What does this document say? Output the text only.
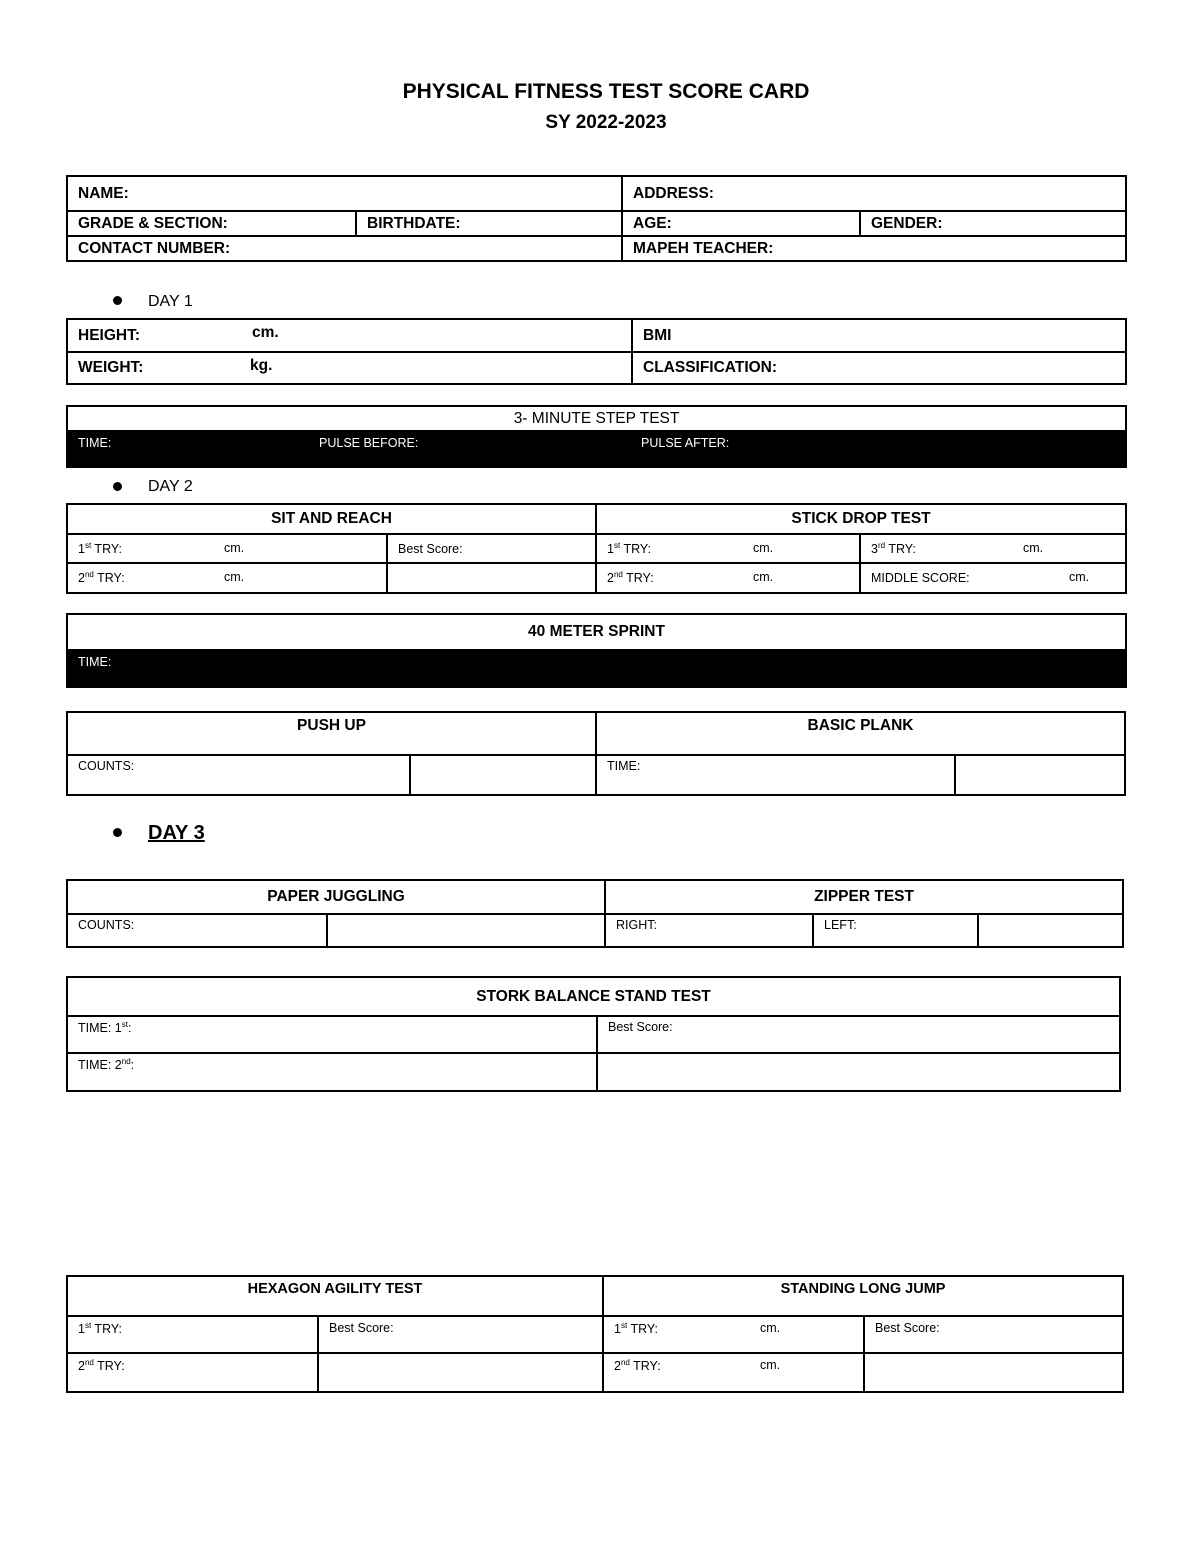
PHYSICAL FITNESS TEST SCORE CARD
SY 2022-2023
NAME:		ADDRESS:	
GRADE & SECTION:	BIRTHDATE:	AGE:	GENDER:
CONTACT NUMBER:		MAPEH TEACHER:	
DAY 1
HEIGHT: cm.	BMI
WEIGHT: kg.	CLASSIFICATION:
3- MINUTE STEP TEST
TIME:	PULSE BEFORE:	PULSE AFTER:
DAY 2
SIT AND REACH		STICK DROP TEST	
1st TRY: cm.	Best Score:	1st TRY: cm.	3rd TRY: cm.

2nd TRY: cm.		2nd TRY: cm.	MIDDLE SCORE: cm.
40 METER SPRINT
TIME:
PUSH UP		BASIC PLANK	
COUNTS:		TIME:	
DAY 3
PAPER JUGGLING		ZIPPER TEST		
COUNTS:		RIGHT:	LEFT:	
STORK BALANCE STAND TEST	
TIME: 1st:	Best Score:
TIME: 2nd:	
HEXAGON AGILITY TEST		STANDING LONG JUMP	
1st TRY:	Best Score:	1st TRY: cm.	Best Score:
2nd TRY:		2nd TRY: cm.	
